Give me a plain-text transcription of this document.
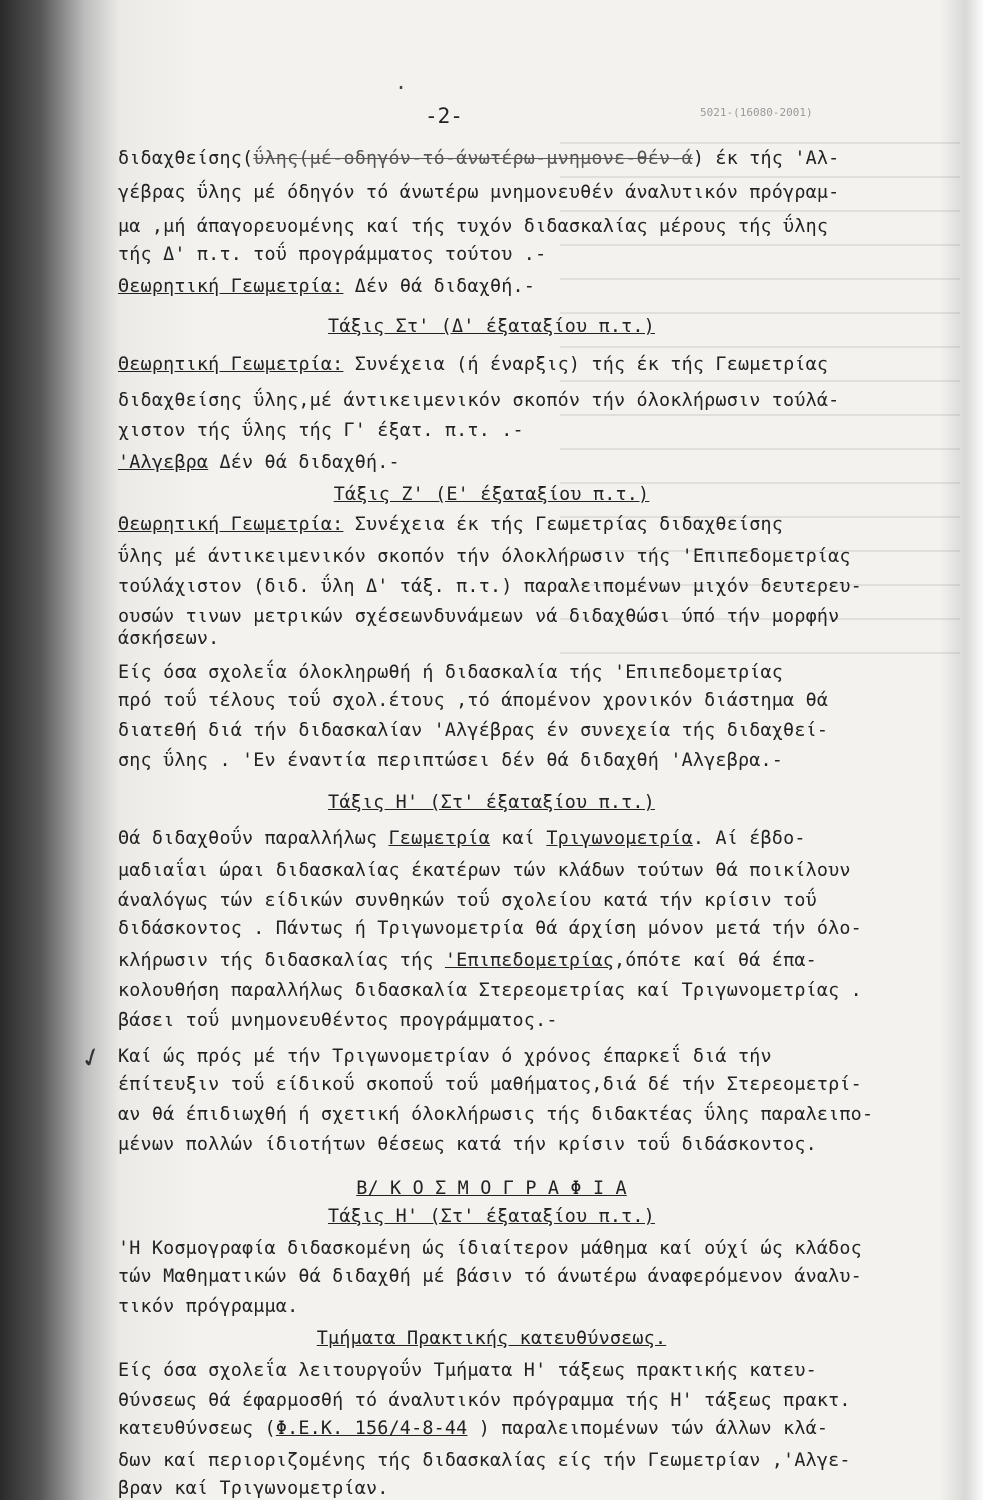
.
-2-	5021-(16080-2001)
✓
διδαχθείσης(ΰλης(μέ-οδηγόν-τό-άνωτέρω-μνημονε-θέν-ά) έκ τής 'Αλ-
γέβρας ΰλης μέ όδηγόν τό άνωτέρω μνημονευθέν άναλυτικόν πρόγραμ-
μα ,μή άπαγορευομένης καί τής τυχόν διδασκαλίας μέρους τής ΰλης
τής Δ' π.τ. τοΰ προγράμματος τούτου .-
Θεωρητική Γεωμετρία: Δέν θά διδαχθή.-
Τάξις Στ' (Δ' έξαταξίου π.τ.)
Θεωρητική Γεωμετρία: Συνέχεια (ή έναρξις) τής έκ τής Γεωμετρίας
διδαχθείσης ΰλης,μέ άντικειμενικόν σκοπόν τήν όλοκλήρωσιν τούλά-
χιστον τής ΰλης τής Γ' έξατ. π.τ. .-
'Αλγεβρα Δέν θά διδαχθή.-
Τάξις Ζ' (Ε' έξαταξίου π.τ.)
Θεωρητική Γεωμετρία: Συνέχεια έκ τής Γεωμετρίας διδαχθείσης
ΰλης μέ άντικειμενικόν σκοπόν τήν όλοκλήρωσιν τής 'Επιπεδομετρίας
τούλάχιστον (διδ. ΰλη Δ' τάξ. π.τ.) παραλειπομένων μιχόν δευτερευ-
ουσών τινων μετρικών σχέσεωνδυνάμεων νά διδαχθώσι ύπό τήν μορφήν
άσκήσεων.
Είς όσα σχολεΐα όλοκληρωθή ή διδασκαλία τής 'Επιπεδομετρίας
πρό τοΰ τέλους τοΰ σχολ.έτους ,τό άπομένον χρονικόν διάστημα θά
διατεθή διά τήν διδασκαλίαν 'Αλγέβρας έν συνεχεία τής διδαχθεί-
σης ΰλης . 'Εν έναντία περιπτώσει δέν θά διδαχθή 'Αλγεβρα.-
Τάξις Η' (Στ' έξαταξίου π.τ.)
Θά διδαχθοΰν παραλλήλως Γεωμετρία καί Τριγωνομετρία. Αί έβδο-
μαδιαΐαι ώραι διδασκαλίας έκατέρων τών κλάδων τούτων θά ποικίλουν
άναλόγως τών είδικών συνθηκών τοΰ σχολείου κατά τήν κρίσιν τοΰ
διδάσκοντος . Πάντως ή Τριγωνομετρία θά άρχίση μόνον μετά τήν όλο-
κλήρωσιν τής διδασκαλίας τής 'Επιπεδομετρίας,όπότε καί θά έπα-
κολουθήση παραλλήλως διδασκαλία Στερεομετρίας καί Τριγωνομετρίας .
βάσει τοΰ μνημονευθέντος προγράμματος.-
Καί ώς πρός μέ τήν Τριγωνομετρίαν ό χρόνος έπαρκεΐ διά τήν
έπίτευξιν τοΰ είδικοΰ σκοποΰ τοΰ μαθήματος,διά δέ τήν Στερεομετρί-
αν θά έπιδιωχθή ή σχετική όλοκλήρωσις τής διδακτέας ΰλης παραλειπο-
μένων πολλών ίδιοτήτων θέσεως κατά τήν κρίσιν τοΰ διδάσκοντος.
Β/ Κ Ο Σ Μ Ο Γ Ρ Α Φ Ι Α
Τάξις Η' (Στ' έξαταξίου π.τ.)
'Η Κοσμογραφία διδασκομένη ώς ίδιαίτερον μάθημα καί ούχί ώς κλάδος
τών Μαθηματικών θά διδαχθή μέ βάσιν τό άνωτέρω άναφερόμενον άναλυ-
τικόν πρόγραμμα.
Τμήματα Πρακτικής κατευθύνσεως.
Είς όσα σχολεΐα λειτουργοΰν Τμήματα Η' τάξεως πρακτικής κατευ-
θύνσεως θά έφαρμοσθή τό άναλυτικόν πρόγραμμα τής Η' τάξεως πρακτ.
κατευθύνσεως (Φ.Ε.Κ. 156/4-8-44 ) παραλειπομένων τών άλλων κλά-
δων καί περιοριζομένης τής διδασκαλίας είς τήν Γεωμετρίαν ,'Αλγε-
βραν καί Τριγωνομετρίαν.
